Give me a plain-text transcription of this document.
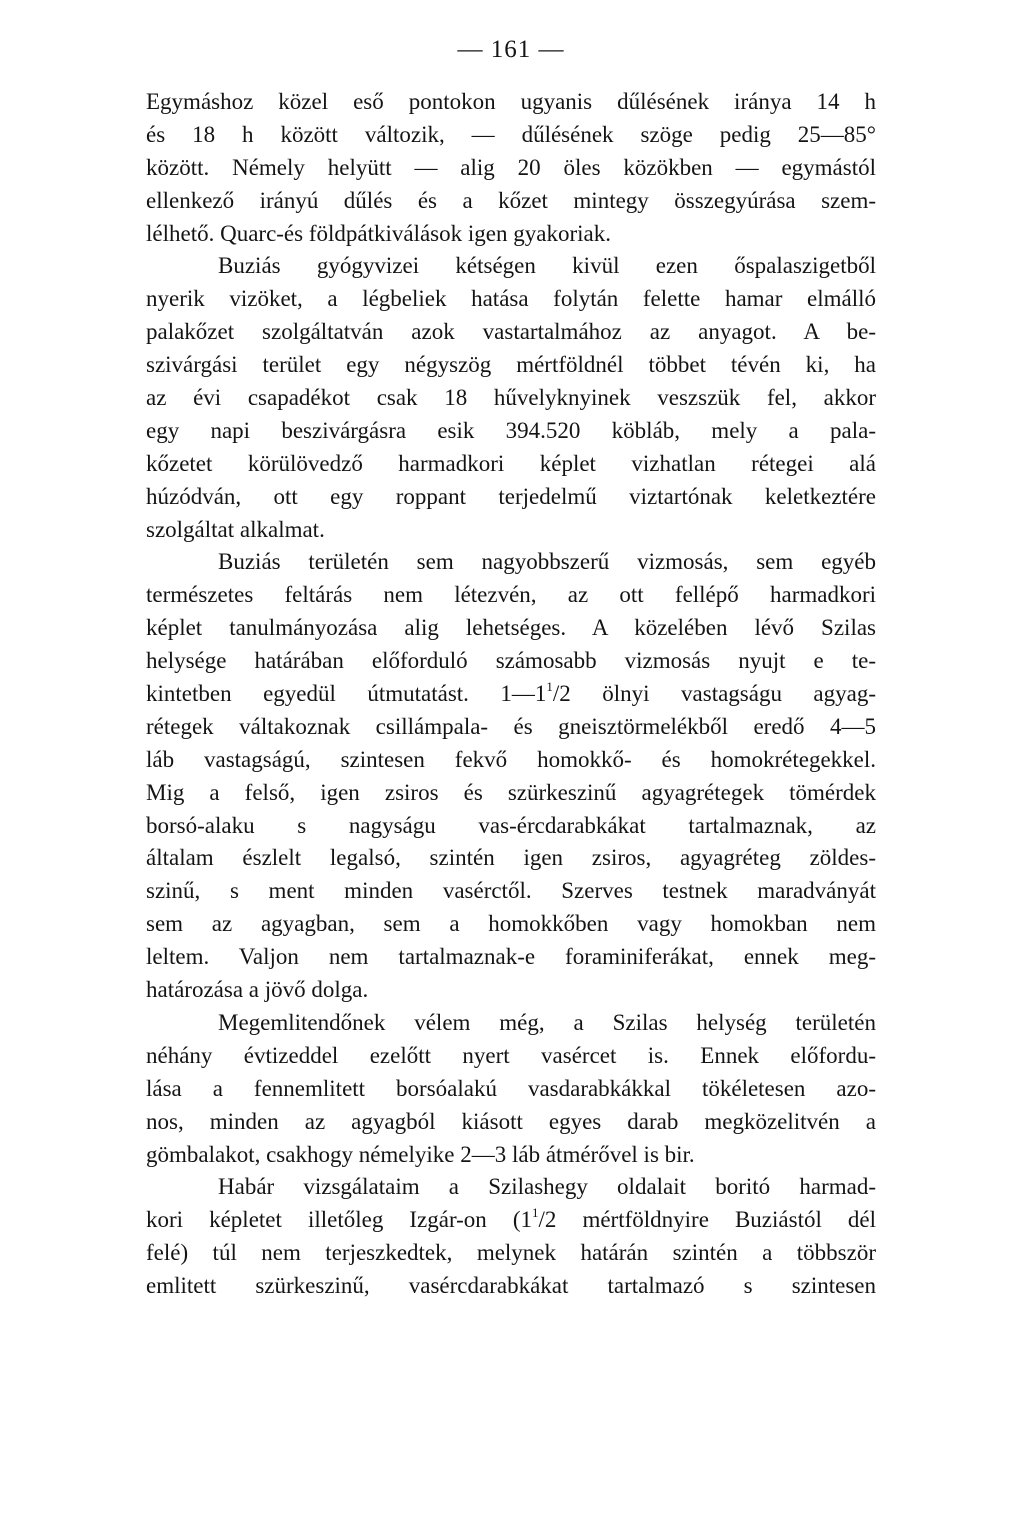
— 161 —

Egymáshoz közel eső pontokon ugyanis dűlésének iránya 14 h
és 18 h között változik, — dűlésének szöge pedig 25—85°
között. Némely helyütt — alig 20 öles közökben — egymástól
ellenkező irányú dűlés és a kőzet mintegy összegyúrása szem-
lélhető. Quarc-és földpátkiválások igen gyakoriak.

Buziás gyógyvizei kétségen kivül ezen őspalaszigetből
nyerik vizöket, a légbeliek hatása folytán felette hamar elmálló
palakőzet szolgáltatván azok vastartalmához az anyagot. A be-
szivárgási terület egy négyszög mértföldnél többet tévén ki, ha
az évi csapadékot csak 18 hűvelyknyinek veszszük fel, akkor
egy napi beszivárgásra esik 394.520 köbláb, mely a pala-
kőzetet körülövedző harmadkori képlet vizhatlan rétegei alá
húzódván, ott egy roppant terjedelmű viztartónak keletkeztére
szolgáltat alkalmat.

Buziás területén sem nagyobbszerű vizmosás, sem egyéb
természetes feltárás nem létezvén, az ott fellépő harmadkori
képlet tanulmányozása alig lehetséges. A közelében lévő Szilas
helysége határában előforduló számosabb vizmosás nyujt e te-
kintetben egyedül útmutatást. $1—1^1/2$ ölnyi vastagságu agyag-
rétegek váltakoznak csillámpala- és gneisztörmelékből eredő 4—5
láb vastagságú, szintesen fekvő homokkő- és homokrétegekkel.
Mig a felső, igen zsiros és szürkeszinű agyagrétegek tömérdek
borsó-alaku s nagyságu vas-ércdarabkákat tartalmaznak, az
általam észlelt legalsó, szintén igen zsiros, agyagréteg zöldes-
szinű, s ment minden vasérctől. Szerves testnek maradványát
sem az agyagban, sem a homokkőben vagy homokban nem
leltem. Valjon nem tartalmaznak-e foraminiferákat, ennek meg-
határozása a jövő dolga.

Megemlitendőnek vélem még, a Szilas helység területén
néhány évtizeddel ezelőtt nyert vasércet is. Ennek előfordu-
lása a fennemlitett borsóalakú vasdarabkákkal tökéletesen azo-
nos, minden az agyagból kiásott egyes darab megközelitvén a
gömbalakot, csakhogy némelyike 2—3 láb átmérővel is bir.

Habár vizsgálataim a Szilashegy oldalait boritó harmad-
kori képletet illetőleg Izgár-on ($1^1/2$ mértföldnyire Buziástól dél
felé) túl nem terjeszkedtek, melynek határán szintén a többször
emlitett szürkeszinű, vasércdarabkákat tartalmazó s szintesen
